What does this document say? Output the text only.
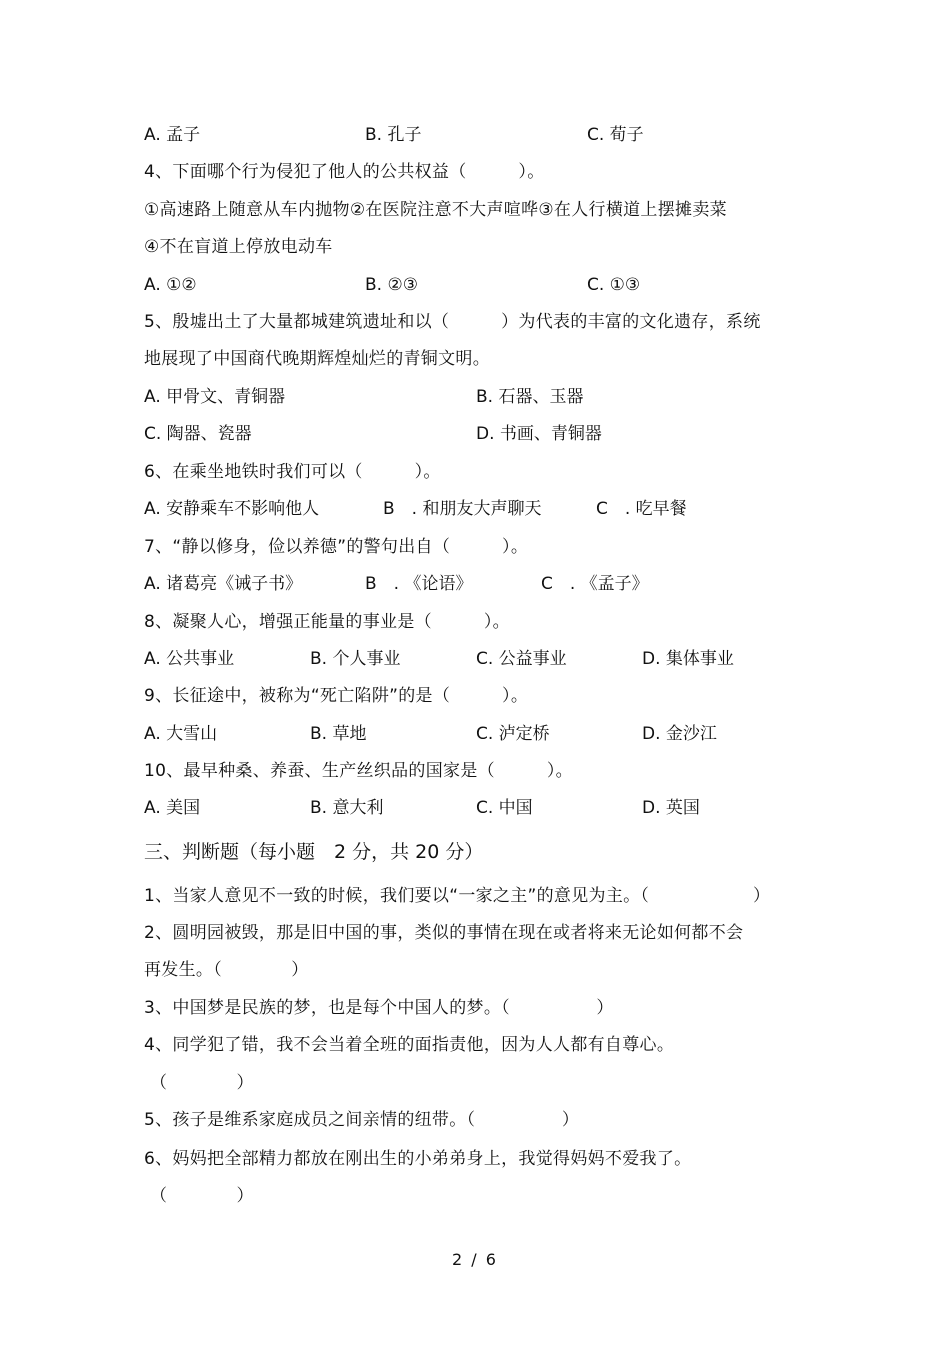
A. 孟子	B. 孔子	C. 荀子
4、下面哪个行为侵犯了他人的公共权益（　　　）。
①高速路上随意从车内抛物②在医院注意不大声喧哗③在人行横道上摆摊卖菜
④不在盲道上停放电动车
A. ①②	B. ②③	C. ①③
5、殷墟出土了大量都城建筑遗址和以（　　　）为代表的丰富的文化遗存，系统
地展现了中国商代晚期辉煌灿烂的青铜文明。
A. 甲骨文、青铜器	B. 石器、玉器
C. 陶器、瓷器	D. 书画、青铜器
6、在乘坐地铁时我们可以（　　　）。
A. 安静乘车不影响他人	B　. 和朋友大声聊天	C　. 吃早餐
7、“静以修身，俭以养德”的警句出自（　　　）。
A. 诸葛亮《诫子书》	B　. 《论语》	C　. 《孟子》
8、凝聚人心，增强正能量的事业是（　　　）。
A. 公共事业	B. 个人事业	C. 公益事业	D. 集体事业
9、长征途中，被称为“死亡陷阱”的是（　　　）。
A. 大雪山	B. 草地	C. 泸定桥	D. 金沙江
10、最早种桑、养蚕、生产丝织品的国家是（　　　）。
A. 美国	B. 意大利	C. 中国	D. 英国
三、判断题（每小题　2 分，共 20 分）
1、当家人意见不一致的时候，我们要以“一家之主”的意见为主。（　　　　　　）
2、圆明园被毁，那是旧中国的事，类似的事情在现在或者将来无论如何都不会
再发生。（　　　　）
3、中国梦是民族的梦，也是每个中国人的梦。（　　　　　）
4、同学犯了错，我不会当着全班的面指责他，因为人人都有自尊心。
（　　　　）
5、孩子是维系家庭成员之间亲情的纽带。（　　　　　）
6、妈妈把全部精力都放在刚出生的小弟弟身上，我觉得妈妈不爱我了。
（　　　　）
2 / 6
